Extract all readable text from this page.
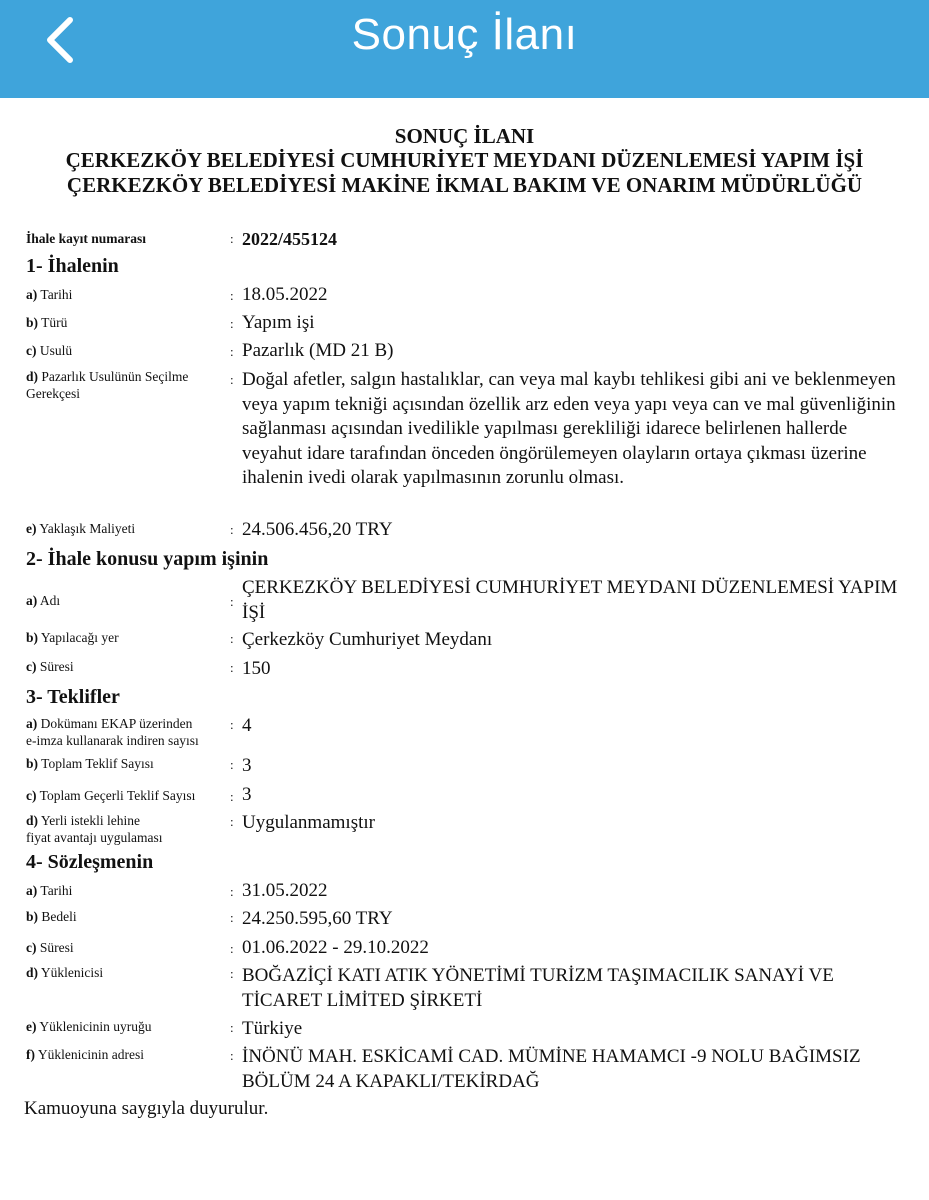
Sonuç İlanı
SONUÇ İLANI
ÇERKEZKÖY BELEDİYESİ CUMHURİYET MEYDANI DÜZENLEMESİ YAPIM İŞİ
ÇERKEZKÖY BELEDİYESİ MAKİNE İKMAL BAKIM VE ONARIM MÜDÜRLÜĞÜ
İhale kayıt numarası	: 2022/455124
1- İhalenin
a) Tarihi	: 18.05.2022
b) Türü	: Yapım işi
c) Usulü	: Pazarlık (MD 21 B)
d) Pazarlık Usulünün Seçilme
Gerekçesi
: Doğal afetler, salgın hastalıklar, can veya mal kaybı tehlikesi gibi ani ve beklenmeyen veya yapım tekniği açısından özellik arz eden veya yapı veya can ve mal güvenliğinin sağlanması açısından ivedilikle yapılması gerekliliği idarece belirlenen hallerde veyahut idare tarafından önceden öngörülemeyen olayların ortaya çıkması üzerine ihalenin ivedi olarak yapılmasının zorunlu olması.
e) Yaklaşık Maliyeti	: 24.506.456,20 TRY
2- İhale konusu yapım işinin
a) Adı	:
ÇERKEZKÖY BELEDİYESİ CUMHURİYET MEYDANI DÜZENLEMESİ YAPIM İŞİ
b) Yapılacağı yer	: Çerkezköy Cumhuriyet Meydanı
c) Süresi	: 150
3- Teklifler
a) Dokümanı EKAP üzerinden
e-imza kullanarak indiren sayısı
: 4
b) Toplam Teklif Sayısı	: 3
c) Toplam Geçerli Teklif Sayısı	: 3
d) Yerli istekli lehine
fiyat avantajı uygulaması
: Uygulanmamıştır
4- Sözleşmenin
a) Tarihi	: 31.05.2022
b) Bedeli	: 24.250.595,60 TRY
c) Süresi	: 01.06.2022 - 29.10.2022
d) Yüklenicisi	: BOĞAZİÇİ KATI ATIK YÖNETİMİ TURİZM TAŞIMACILIK SANAYİ VE TİCARET LİMİTED ŞİRKETİ
e) Yüklenicinin uyruğu	: Türkiye
f) Yüklenicinin adresi	: İNÖNÜ MAH. ESKİCAMİ CAD. MÜMİNE HAMAMCI -9 NOLU BAĞIMSIZ BÖLÜM 24 A KAPAKLI/TEKİRDAĞ
Kamuoyuna saygıyla duyurulur.
